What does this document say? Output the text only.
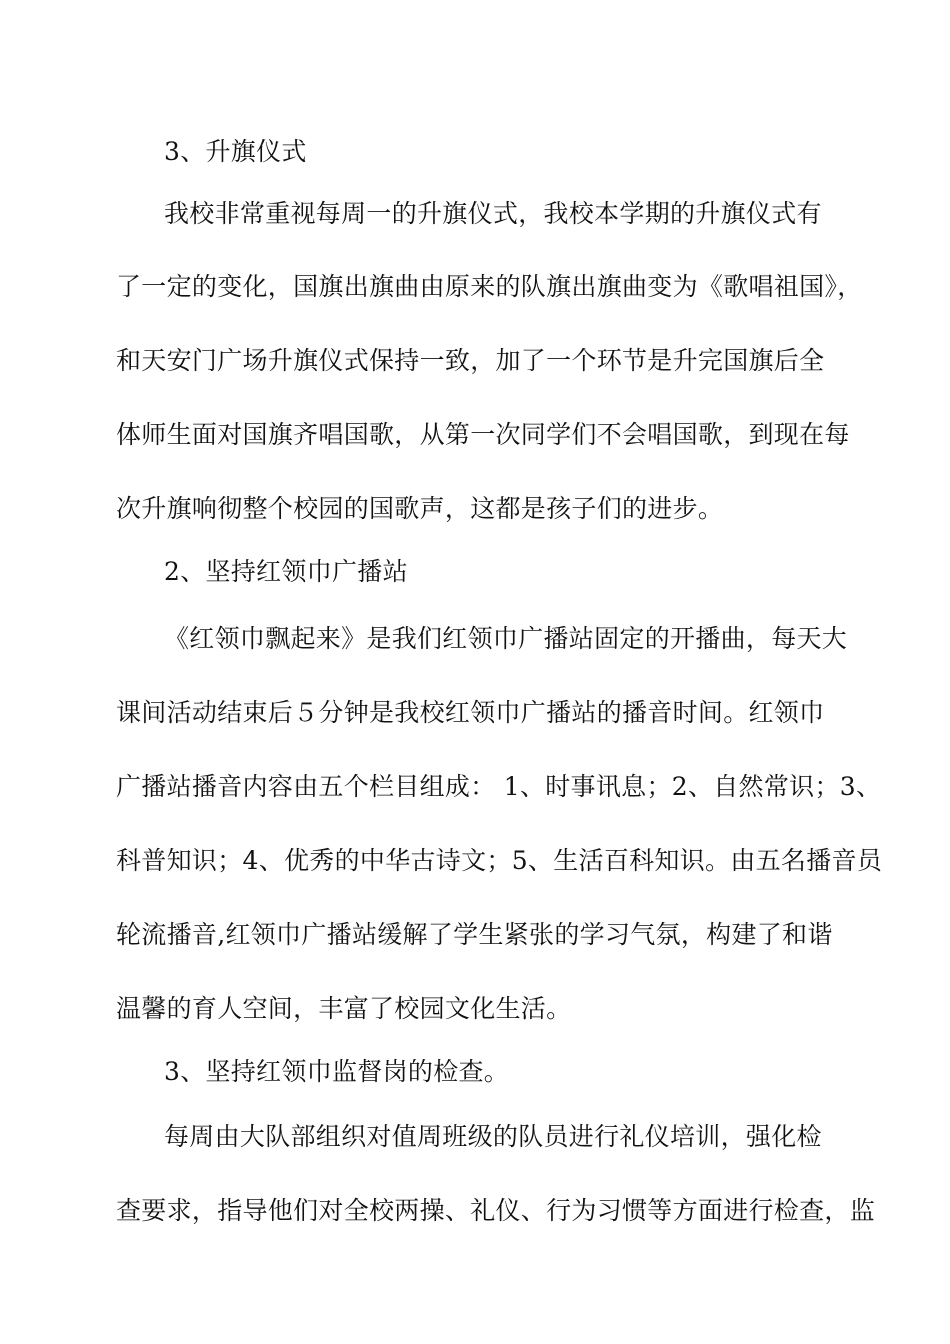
3、升旗仪式
我校非常重视每周一的升旗仪式，我校本学期的升旗仪式有
了一定的变化，国旗出旗曲由原来的队旗出旗曲变为《歌唱祖国》，
和天安门广场升旗仪式保持一致，加了一个环节是升完国旗后全
体师生面对国旗齐唱国歌，从第一次同学们不会唱国歌，到现在每
次升旗响彻整个校园的国歌声，这都是孩子们的进步。
2、坚持红领巾广播站
《红领巾飘起来》是我们红领巾广播站固定的开播曲，每天大
课间活动结束后５分钟是我校红领巾广播站的播音时间。红领巾
广播站播音内容由五个栏目组成： 1、时事讯息；2、自然常识；3、
科普知识；4、优秀的中华古诗文；5、生活百科知识。由五名播音员
轮流播音,红领巾广播站缓解了学生紧张的学习气氛，构建了和谐
温馨的育人空间，丰富了校园文化生活。
3、坚持红领巾监督岗的检查。
每周由大队部组织对值周班级的队员进行礼仪培训，强化检
查要求，指导他们对全校两操、礼仪、行为习惯等方面进行检查，监
